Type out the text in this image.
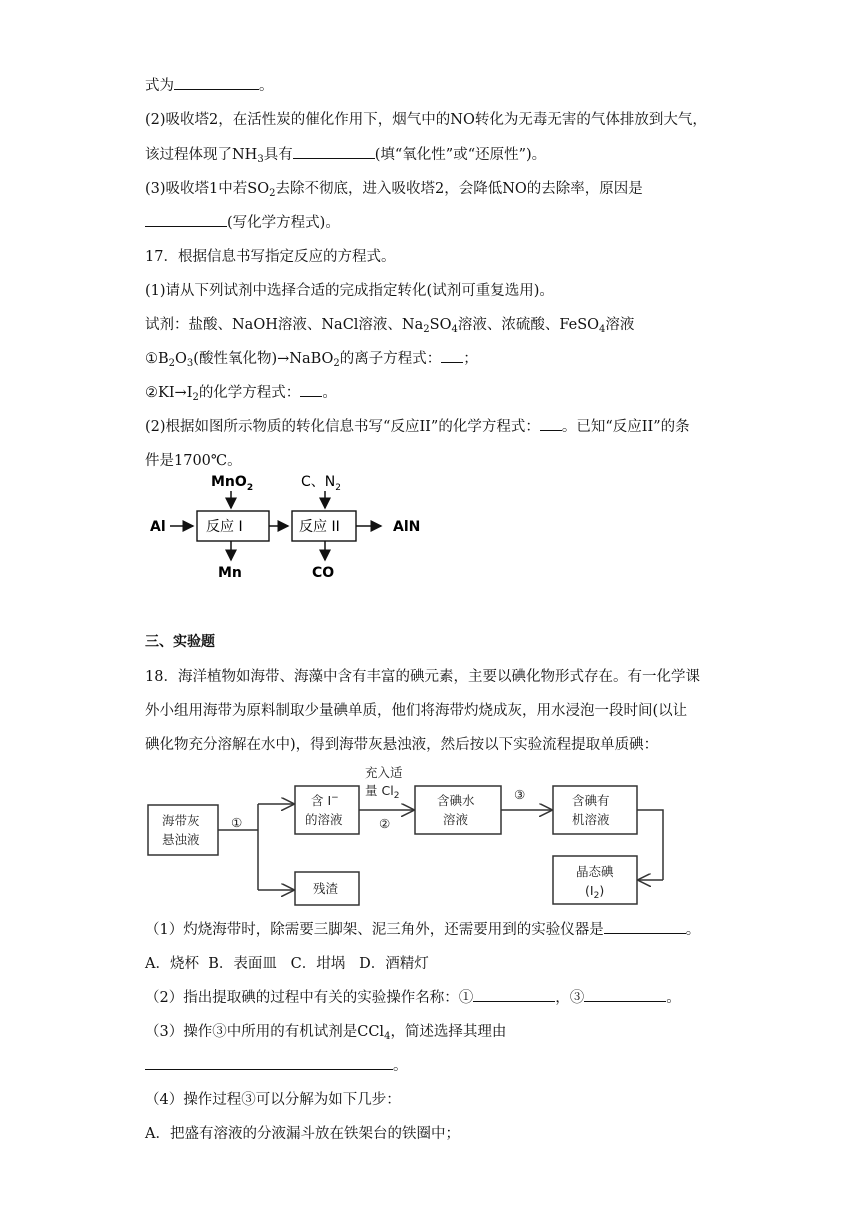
式为	。
(2)吸收塔2，在活性炭的催化作用下，烟气中的NO转化为无毒无害的气体排放到大气，
该过程体现了$NH_3$具有	(填“氧化性”或“还原性”)。
(3)吸收塔1中若$SO_2$去除不彻底，进入吸收塔2，会降低NO的去除率，原因是
(写化学方程式)。
17．根据信息书写指定反应的方程式。
(1)请从下列试剂中选择合适的完成指定转化(试剂可重复选用)。
试剂：盐酸、NaOH溶液、NaCl溶液、$Na_2SO_4$溶液、浓硫酸、FeSO$_4$溶液
$①B_2O_3$(酸性氧化物)→NaBO$_2$的离子方程式： ；
$②KI\to I_2$的化学方程式： 。
(2)根据如图所示物质的转化信息书写“反应II”的化学方程式： 。已知“反应II”的条
件是1700℃。
Al
MnO$_2$
反应 I
Mn
C、$N_2$
反应 II
CO
AlN
三、实验题
18．海洋植物如海带、海藻中含有丰富的碘元素，主要以碘化物形式存在。有一化学课
外小组用海带为原料制取少量碘单质，他们将海带灼烧成灰，用水浸泡一段时间(以让
碘化物充分溶解在水中)，得到海带灰悬浊液，然后按以下实验流程提取单质碘：
海带灰
悬浊液
①
含 I−
的溶液
充入适
量 $Cl_2$
②
含碘水
溶液
③	含碘有
机溶液
残渣
晶态碘
$(I_2)$
（1）灼烧海带时，除需要三脚架、泥三角外，还需要用到的实验仪器是	。
A．烧杯  B．表面皿   C．坩埚   D．酒精灯
（2）指出提取碘的过程中有关的实验操作名称：①	，③	。
（3）操作③中所用的有机试剂是CCl$_4$，简述选择其理由
。
（4）操作过程③可以分解为如下几步：
A．把盛有溶液的分液漏斗放在铁架台的铁圈中；
